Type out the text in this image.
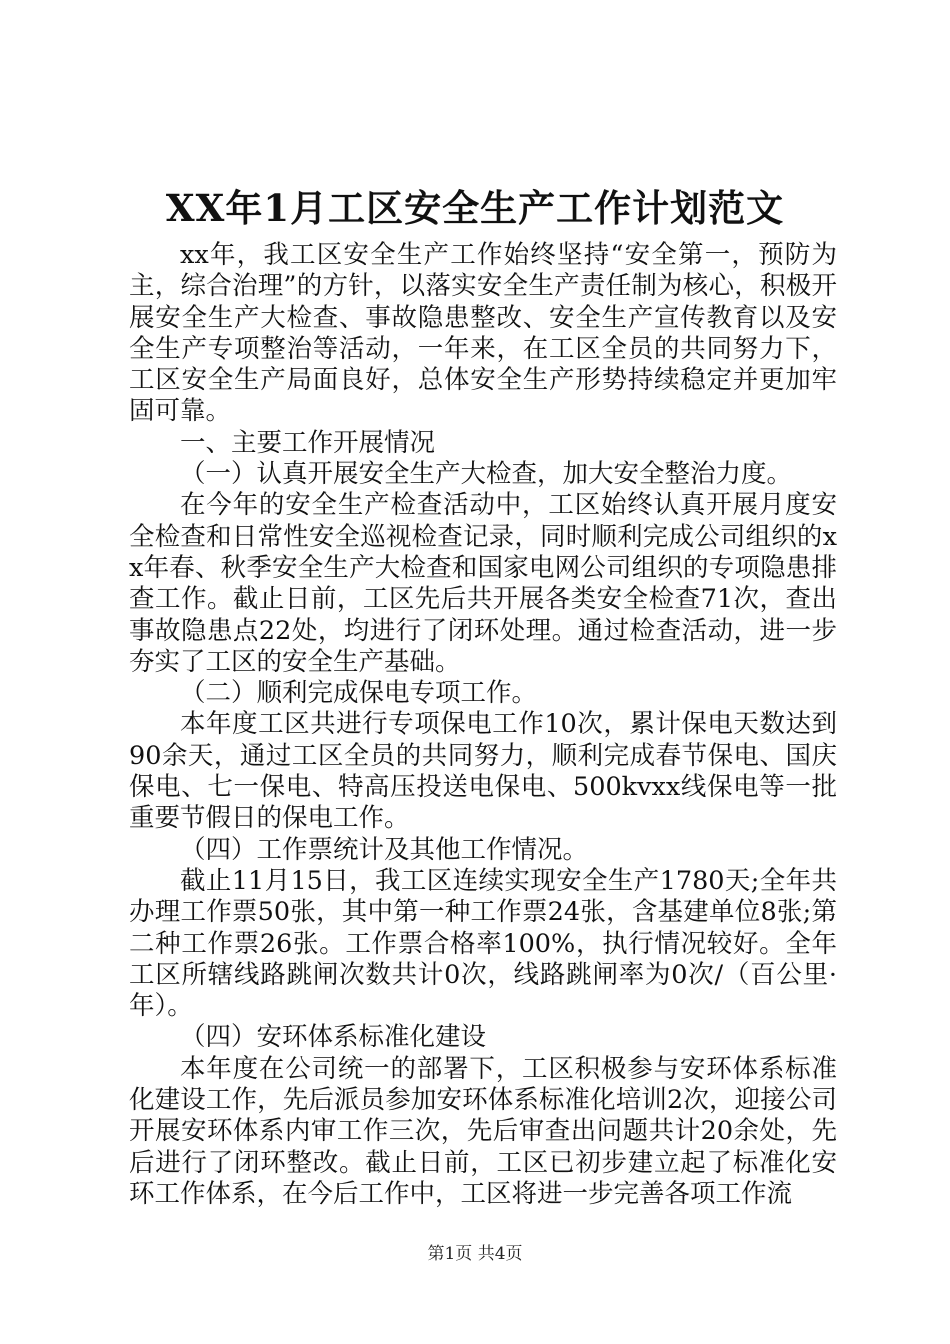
XX年1月工区安全生产工作计划范文

xx年，我工区安全生产工作始终坚持“安全第一，预防为主，综合治理”的方针，以落实安全生产责任制为核心，积极开展安全生产大检查、事故隐患整改、安全生产宣传教育以及安全生产专项整治等活动，一年来，在工区全员的共同努力下，工区安全生产局面良好，总体安全生产形势持续稳定并更加牢固可靠。

一、主要工作开展情况

（一）认真开展安全生产大检查，加大安全整治力度。

在今年的安全生产检查活动中，工区始终认真开展月度安全检查和日常性安全巡视检查记录，同时顺利完成公司组织的xx年春、秋季安全生产大检查和国家电网公司组织的专项隐患排查工作。截止日前，工区先后共开展各类安全检查71次，查出事故隐患点22处，均进行了闭环处理。通过检查活动，进一步夯实了工区的安全生产基础。

（二）顺利完成保电专项工作。

本年度工区共进行专项保电工作10次，累计保电天数达到90余天，通过工区全员的共同努力，顺利完成春节保电、国庆保电、七一保电、特高压投送电保电、500kvxx线保电等一批重要节假日的保电工作。

（四）工作票统计及其他工作情况。

截止11月15日，我工区连续实现安全生产1780天;全年共办理工作票50张，其中第一种工作票24张，含基建单位8张;第二种工作票26张。工作票合格率100%，执行情况较好。全年工区所辖线路跳闸次数共计0次，线路跳闸率为0次/（百公里·年）。

（四）安环体系标准化建设

本年度在公司统一的部署下，工区积极参与安环体系标准化建设工作，先后派员参加安环体系标准化培训2次，迎接公司开展安环体系内审工作三次，先后审查出问题共计20余处，先后进行了闭环整改。截止日前，工区已初步建立起了标准化安环工作体系，在今后工作中，工区将进一步完善各项工作流

第1页 共4页
